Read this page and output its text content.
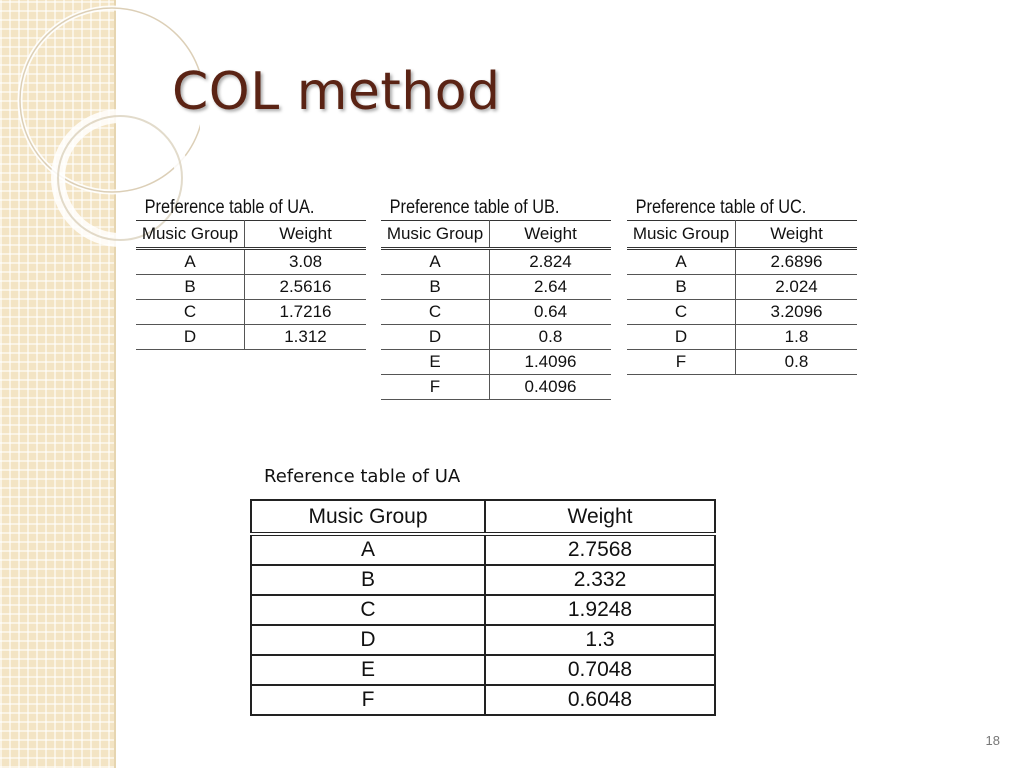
COL method
Preference table of UA.
Music Group	Weight
A	3.08
B	2.5616
C	1.7216
D	1.312
Preference table of UB.
Music Group	Weight
A	2.824
B	2.64
C	0.64
D	0.8
E	1.4096
F	0.4096
Preference table of UC.
Music Group	Weight
A	2.6896
B	2.024
C	3.2096
D	1.8
F	0.8
Reference table of UA
Music Group	Weight
A	2.7568
B	2.332
C	1.9248
D	1.3
E	0.7048
F	0.6048
18
